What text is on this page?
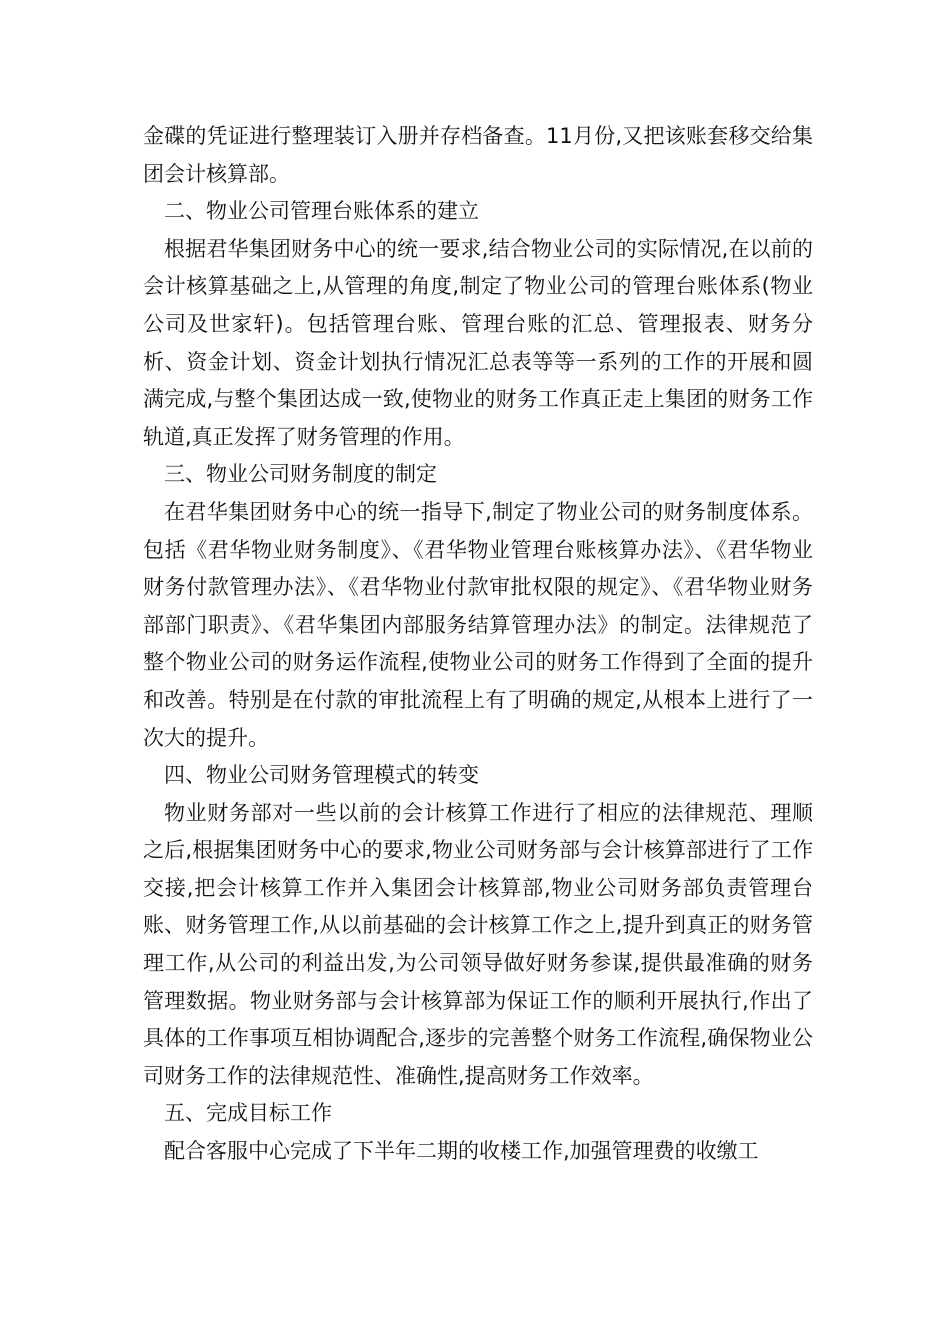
金碟的凭证进行整理装订入册并存档备查。11月份,又把该账套移交给集团会计核算部。

二、物业公司管理台账体系的建立

根据君华集团财务中心的统一要求,结合物业公司的实际情况,在以前的会计核算基础之上,从管理的角度,制定了物业公司的管理台账体系(物业公司及世家轩)。包括管理台账、管理台账的汇总、管理报表、财务分析、资金计划、资金计划执行情况汇总表等等一系列的工作的开展和圆满完成,与整个集团达成一致,使物业的财务工作真正走上集团的财务工作轨道,真正发挥了财务管理的作用。

三、物业公司财务制度的制定

在君华集团财务中心的统一指导下,制定了物业公司的财务制度体系。包括《君华物业财务制度》、《君华物业管理台账核算办法》、《君华物业财务付款管理办法》、《君华物业付款审批权限的规定》、《君华物业财务部部门职责》、《君华集团内部服务结算管理办法》的制定。法律规范了整个物业公司的财务运作流程,使物业公司的财务工作得到了全面的提升和改善。特别是在付款的审批流程上有了明确的规定,从根本上进行了一次大的提升。

四、物业公司财务管理模式的转变

物业财务部对一些以前的会计核算工作进行了相应的法律规范、理顺之后,根据集团财务中心的要求,物业公司财务部与会计核算部进行了工作交接,把会计核算工作并入集团会计核算部,物业公司财务部负责管理台账、财务管理工作,从以前基础的会计核算工作之上,提升到真正的财务管理工作,从公司的利益出发,为公司领导做好财务参谋,提供最准确的财务管理数据。物业财务部与会计核算部为保证工作的顺利开展执行,作出了具体的工作事项互相协调配合,逐步的完善整个财务工作流程,确保物业公司财务工作的法律规范性、准确性,提高财务工作效率。

五、完成目标工作

配合客服中心完成了下半年二期的收楼工作,加强管理费的收缴工
